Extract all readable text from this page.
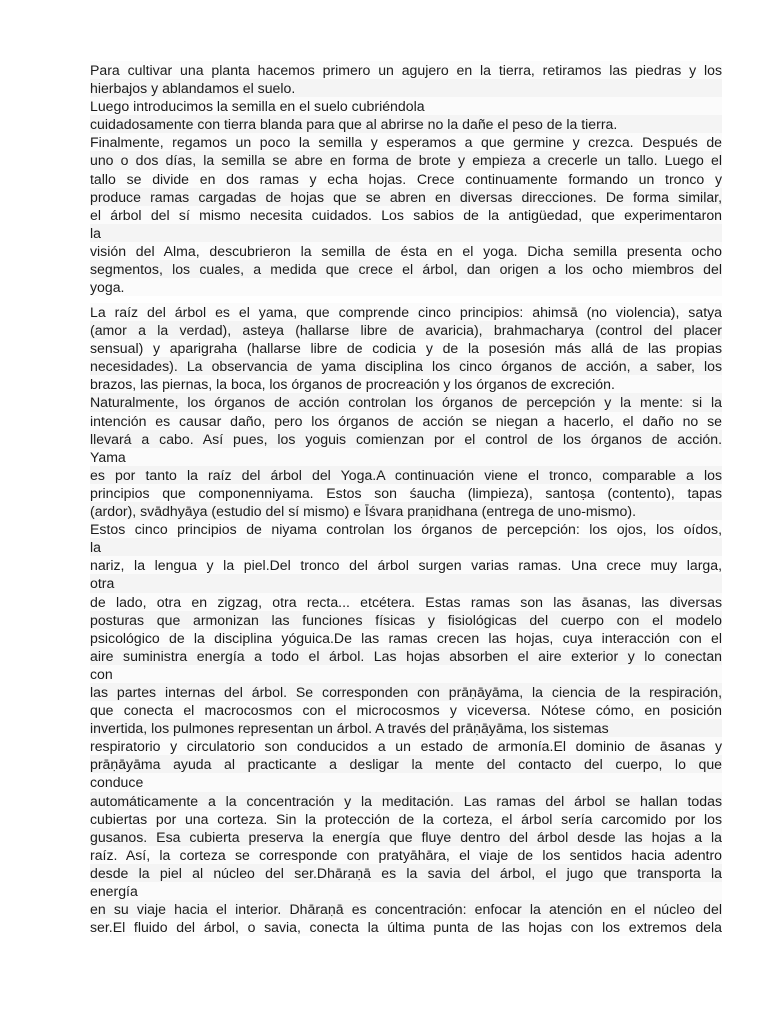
Para cultivar una planta hacemos primero un agujero en la tierra, retiramos las piedras y los
hierbajos y ablandamos el suelo.
Luego introducimos la semilla en el suelo cubriéndola
cuidadosamente con tierra blanda para que al abrirse no la dañe el peso de la tierra.
Finalmente, regamos un poco la semilla y esperamos a que germine y crezca. Después de
uno o dos días, la semilla se abre en forma de brote y empieza a crecerle un tallo. Luego el
tallo se divide en dos ramas y echa hojas. Crece continuamente formando un tronco y
produce ramas cargadas de hojas que se abren en diversas direcciones. De forma similar,
el árbol del sí mismo necesita cuidados. Los sabios de la antigüedad, que experimentaron
la
visión del Alma, descubrieron la semilla de ésta en el yoga. Dicha semilla presenta ocho
segmentos, los cuales, a medida que crece el árbol, dan origen a los ocho miembros del
yoga.
La raíz del árbol es el yama, que comprende cinco principios: ahimsā (no violencia), satya
(amor a la verdad), asteya (hallarse libre de avaricia), brahmacharya (control del placer
sensual) y aparigraha (hallarse libre de codicia y de la posesión más allá de las propias
necesidades). La observancia de yama disciplina los cinco órganos de acción, a saber, los
brazos, las piernas, la boca, los órganos de procreación y los órganos de excreción.
Naturalmente, los órganos de acción controlan los órganos de percepción y la mente: si la
intención es causar daño, pero los órganos de acción se niegan a hacerlo, el daño no se
llevará a cabo. Así pues, los yoguis comienzan por el control de los órganos de acción.
Yama
es por tanto la raíz del árbol del Yoga.A continuación viene el tronco, comparable a los
principios que componenniyama. Estos son śaucha (limpieza), santoṣa (contento), tapas
(ardor), svādhyāya (estudio del sí mismo) e Īśvara praṇidhana (entrega de uno-mismo).
Estos cinco principios de niyama controlan los órganos de percepción: los ojos, los oídos,
la
nariz, la lengua y la piel.Del tronco del árbol surgen varias ramas. Una crece muy larga,
otra
de lado, otra en zigzag, otra recta... etcétera. Estas ramas son las āsanas, las diversas
posturas que armonizan las funciones físicas y fisiológicas del cuerpo con el modelo
psicológico de la disciplina yóguica.De las ramas crecen las hojas, cuya interacción con el
aire suministra energía a todo el árbol. Las hojas absorben el aire exterior y lo conectan
con
las partes internas del árbol. Se corresponden con prāṇāyāma, la ciencia de la respiración,
que conecta el macrocosmos con el microcosmos y viceversa. Nótese cómo, en posición
invertida, los pulmones representan un árbol. A través del prāṇāyāma, los sistemas
respiratorio y circulatorio son conducidos a un estado de armonía.El dominio de āsanas y
prāṇāyāma ayuda al practicante a desligar la mente del contacto del cuerpo, lo que
conduce
automáticamente a la concentración y la meditación. Las ramas del árbol se hallan todas
cubiertas por una corteza. Sin la protección de la corteza, el árbol sería carcomido por los
gusanos. Esa cubierta preserva la energía que fluye dentro del árbol desde las hojas a la
raíz. Así, la corteza se corresponde con pratyāhāra, el viaje de los sentidos hacia adentro
desde la piel al núcleo del ser.Dhāraṇā es la savia del árbol, el jugo que transporta la
energía
en su viaje hacia el interior. Dhāraṇā es concentración: enfocar la atención en el núcleo del
ser.El fluido del árbol, o savia, conecta la última punta de las hojas con los extremos dela
